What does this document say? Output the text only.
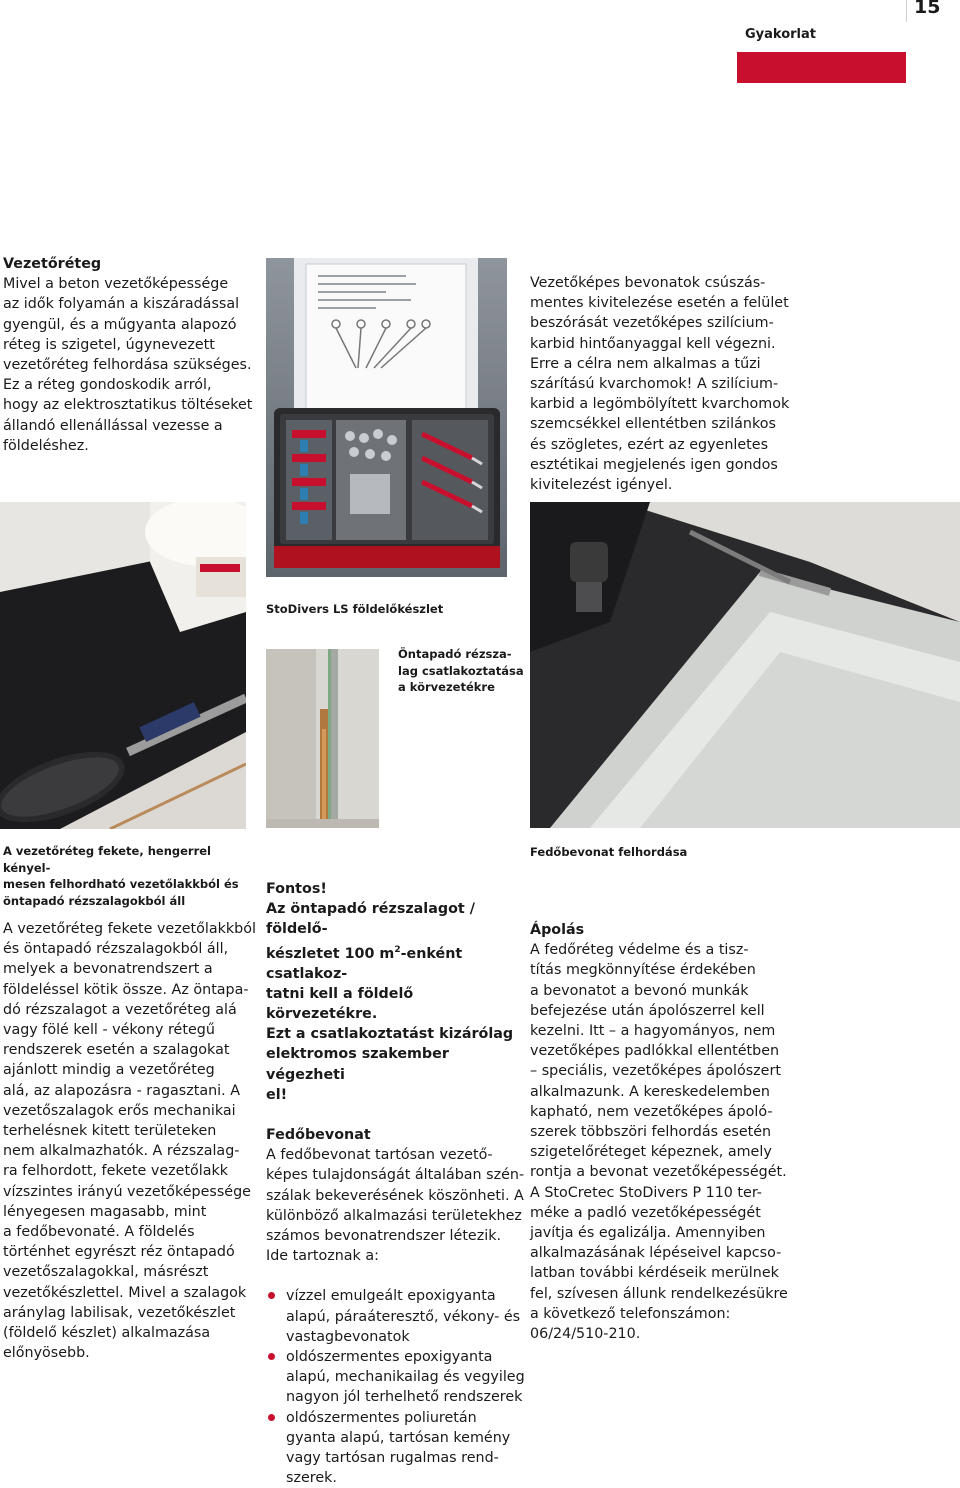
15
Gyakorlat

Vezetőréteg

Mivel a beton vezetőképessége

az idők folyamán a kiszáradással

gyengül, és a műgyanta alapozó

réteg is szigetel, úgynevezett

vezetőréteg felhordása szükséges.

Ez a réteg gondoskodik arról,

hogy az elektrosztatikus töltéseket

állandó ellenállással vezesse a

földeléshez.

Vezetőképes bevonatok csúszás-

mentes kivitelezése esetén a felület

beszórását vezetőképes szilícium-

karbid hintőanyaggal kell végezni.

Erre a célra nem alkalmas a tűzi

szárítású kvarchomok! A szilícium-

karbid a legömbölyített kvarchomok

szemcsékkel ellentétben szilánkos

és szögletes, ezért az egyenletes

esztétikai megjelenés igen gondos

kivitelezést igényel.

StoDivers LS földelőkészlet
Öntapadó rézsza-
lag csatlakoztatása
a körvezetékre
A vezetőréteg fekete, hengerrel kényel-
mesen felhordható vezetőlakkból és
öntapadó rézszalagokból áll
Fedőbevonat felhordása

A vezetőréteg fekete vezetőlakkból

és öntapadó rézszalagokból áll,

melyek a bevonatrendszert a

földeléssel kötik össze. Az öntapa-

dó rézszalagot a vezetőréteg alá

vagy fölé kell - vékony rétegű

rendszerek esetén a szalagokat

ajánlott mindig a vezetőréteg

alá, az alapozásra - ragasztani. A

vezetőszalagok erős mechanikai

terhelésnek kitett területeken

nem alkalmazhatók. A rézszalag-

ra felhordott, fekete vezetőlakk

vízszintes irányú vezetőképessége

lényegesen magasabb, mint

a fedőbevonaté. A földelés

történhet egyrészt réz öntapadó

vezetőszalagokkal, másrészt

vezetőkészlettel. Mivel a szalagok

aránylag labilisak, vezetőkészlet

(földelő készlet) alkalmazása

előnyösebb.

Fontos!

Az öntapadó rézszalagot / földelő-

készletet 100 $m^2$-enként csatlakoz-

tatni kell a földelő körvezetékre.

Ezt a csatlakoztatást kizárólag

elektromos szakember végezheti

el!

Fedőbevonat

A fedőbevonat tartósan vezető-

képes tulajdonságát általában szén-

szálak bekeverésének köszönheti. A

különböző alkalmazási területekhez

számos bevonatrendszer létezik.

Ide tartoznak a:

vízzel emulgeált epoxigyanta
alapú, páraáteresztő, vékony- és
vastagbevonatok
oldószermentes epoxigyanta
alapú, mechanikailag és vegyileg
nagyon jól terhelhető rendszerek
oldószermentes poliuretán
gyanta alapú, tartósan kemény
vagy tartósan rugalmas rend-
szerek.

Ápolás

A fedőréteg védelme és a tisz-

títás megkönnyítése érdekében

a bevonatot a bevonó munkák

befejezése után ápolószerrel kell

kezelni. Itt – a hagyományos, nem

vezetőképes padlókkal ellentétben

– speciális, vezetőképes ápolószert

alkalmazunk. A kereskedelemben

kapható, nem vezetőképes ápoló-

szerek többszöri felhordás esetén

szigetelőréteget képeznek, amely

rontja a bevonat vezetőképességét.

A StoCretec StoDivers P 110 ter-

méke a padló vezetőképességét

javítja és egalizálja. Amennyiben

alkalmazásának lépéseivel kapcso-

latban további kérdéseik merülnek

fel, szívesen állunk rendelkezésükre

a következő telefonszámon:

06/24/510-210.
